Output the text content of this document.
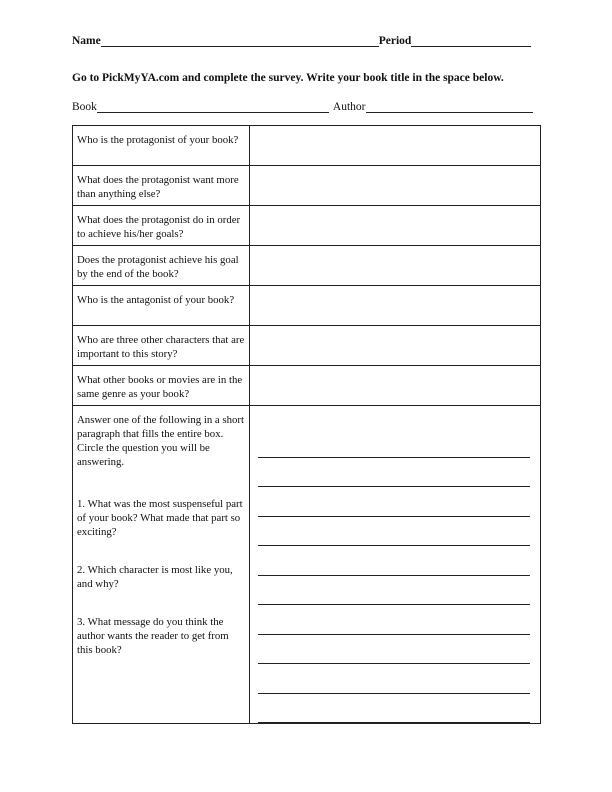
Name	Period
Go to PickMyYA.com and complete the survey. Write your book title in the space below.
Book	Author
Who is the protagonist of your book?	
What does the protagonist want more than anything else?	
What does the protagonist do in order to achieve his/her goals?	
Does the protagonist achieve his goal by the end of the book?	
Who is the antagonist of your book?	
Who are three other characters that are important to this story?	
What other books or movies are in the same genre as your book?	

Answer one of the following in a short paragraph that fills the entire box. Circle the question you will be answering.
1. What was the most suspenseful part of your book? What made that part so exciting?
2. Which character is most like you, and why?
3. What message do you think the author wants the reader to get from this book?	
